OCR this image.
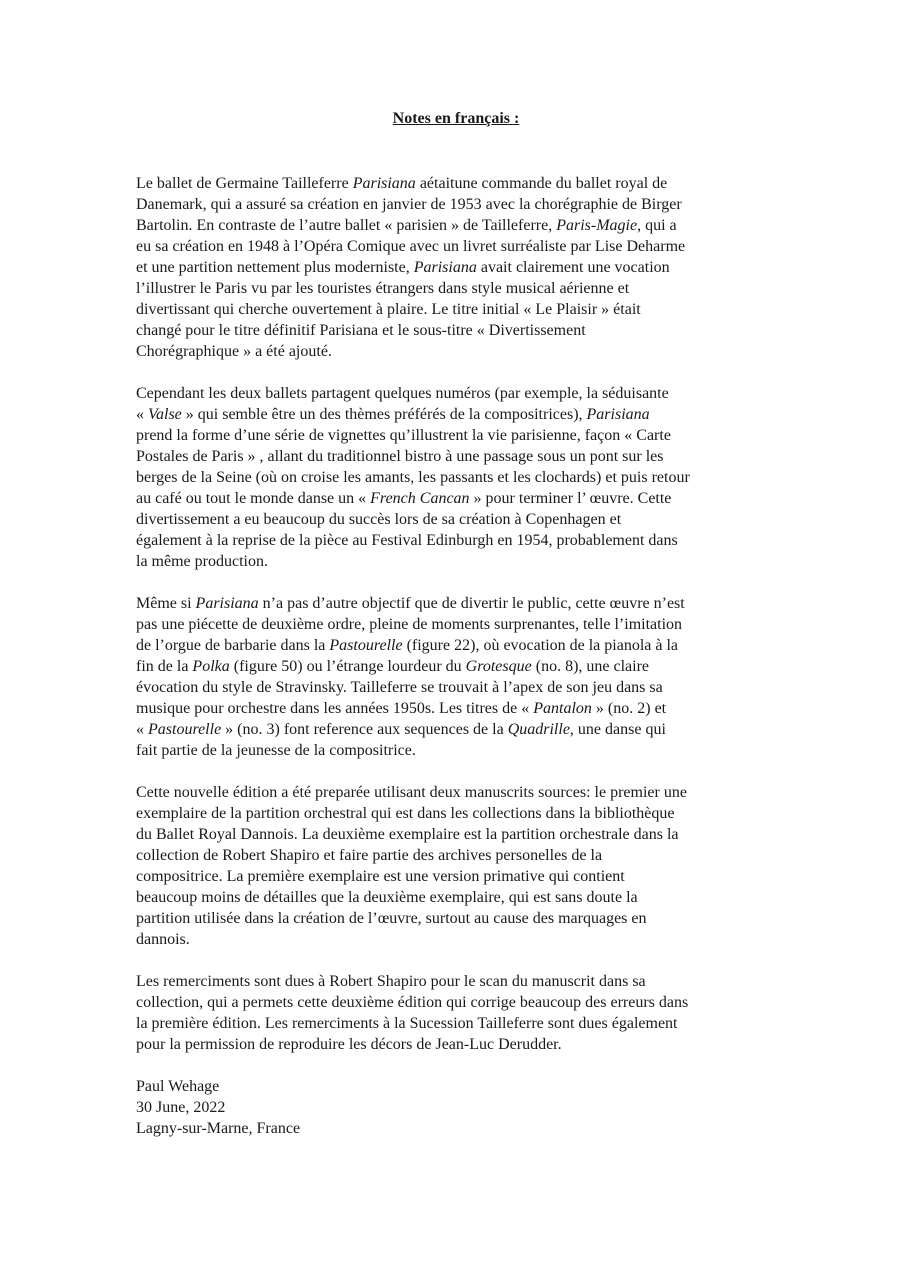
Notes en français :
Le ballet de Germaine Tailleferre Parisiana aétaitune commande du ballet royal de
Danemark, qui a assuré sa création en janvier de 1953 avec la chorégraphie de Birger
Bartolin. En contraste de l’autre ballet « parisien » de Tailleferre, Paris-Magie, qui a
eu sa création en 1948 à l’Opéra Comique avec un livret surréaliste par Lise Deharme
et une partition nettement plus moderniste, Parisiana avait clairement une vocation
l’illustrer le Paris vu par les touristes étrangers dans style musical aérienne et
divertissant qui cherche ouvertement à plaire. Le titre initial « Le Plaisir » était
changé pour le titre définitif Parisiana et le sous-titre « Divertissement
Chorégraphique » a été ajouté.
Cependant les deux ballets partagent quelques numéros (par exemple, la séduisante
« Valse » qui semble être un des thèmes préférés de la compositrices), Parisiana
prend la forme d’une série de vignettes qu’illustrent la vie parisienne, façon « Carte
Postales de Paris » , allant du traditionnel bistro à une passage sous un pont sur les
berges de la Seine (où on croise les amants, les passants et les clochards) et puis retour
au café ou tout le monde danse un « French Cancan » pour terminer l’ œuvre. Cette
divertissement a eu beaucoup du succès lors de sa création à Copenhagen et
également à la reprise de la pièce au Festival Edinburgh en 1954, probablement dans
la même production.
Même si Parisiana n’a pas d’autre objectif que de divertir le public, cette œuvre n’est
pas une piécette de deuxième ordre, pleine de moments surprenantes, telle l’imitation
de l’orgue de barbarie dans la Pastourelle (figure 22), où evocation de la pianola à la
fin de la Polka (figure 50) ou l’étrange lourdeur du Grotesque (no. 8), une claire
évocation du style de Stravinsky. Tailleferre se trouvait à l’apex de son jeu dans sa
musique pour orchestre dans les années 1950s. Les titres de « Pantalon » (no. 2) et
« Pastourelle » (no. 3) font reference aux sequences de la Quadrille, une danse qui
fait partie de la jeunesse de la compositrice.
Cette nouvelle édition a été preparée utilisant deux manuscrits sources: le premier une
exemplaire de la partition orchestral qui est dans les collections dans la bibliothèque
du Ballet Royal Dannois. La deuxième exemplaire est la partition orchestrale dans la
collection de Robert Shapiro et faire partie des archives personelles de la
compositrice. La première exemplaire est une version primative qui contient
beaucoup moins de détailles que la deuxième exemplaire, qui est sans doute la
partition utilisée dans la création de l’œuvre, surtout au cause des marquages en
dannois.
Les remerciments sont dues à Robert Shapiro pour le scan du manuscrit dans sa
collection, qui a permets cette deuxième édition qui corrige beaucoup des erreurs dans
la première édition. Les remerciments à la Sucession Tailleferre sont dues également
pour la permission de reproduire les décors de Jean-Luc Derudder.
Paul Wehage
30 June, 2022
Lagny-sur-Marne, France
